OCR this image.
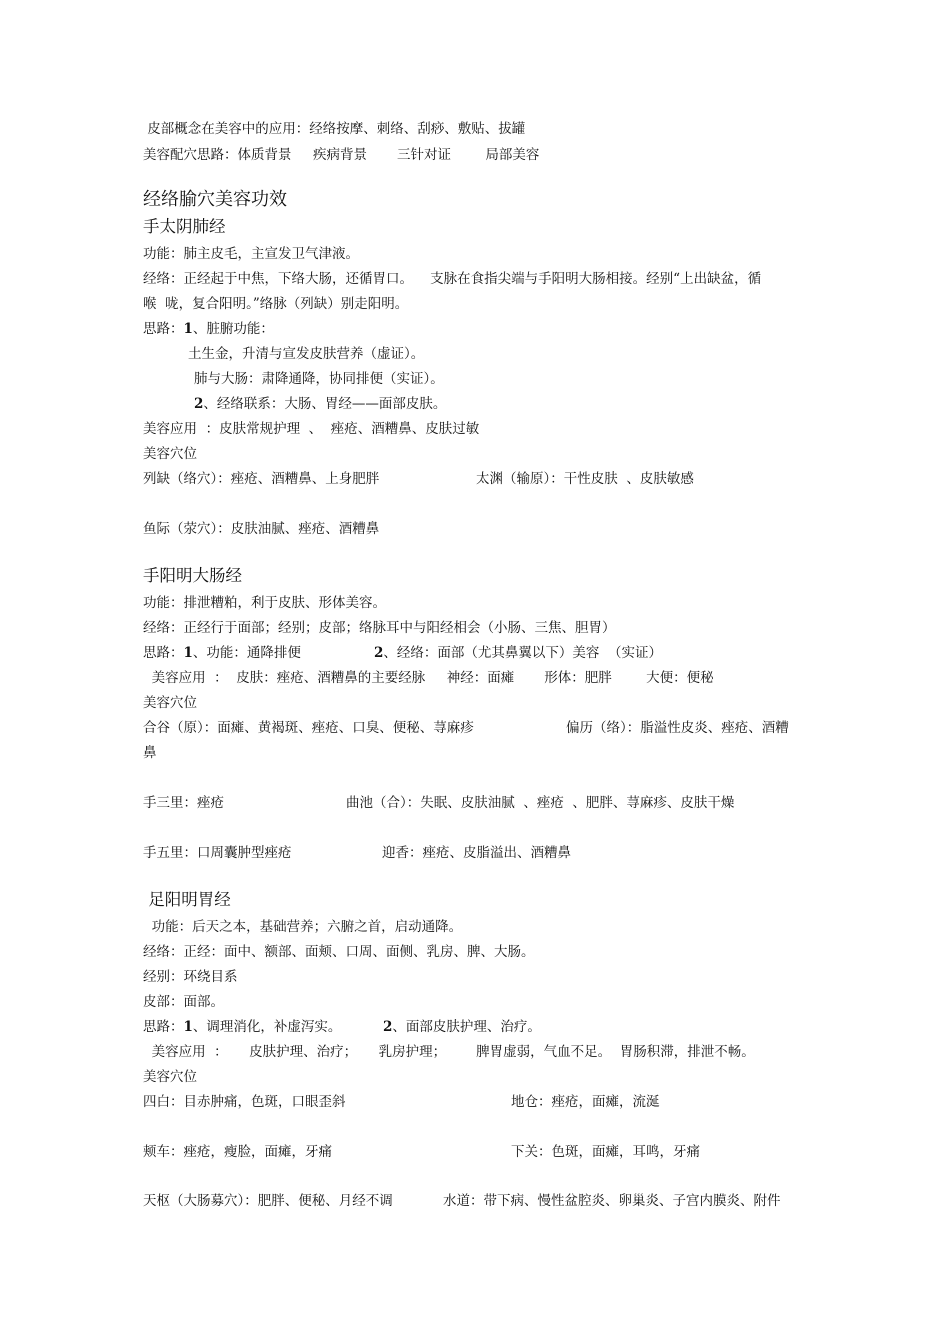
皮部概念在美容中的应用：经络按摩、刺络、刮痧、敷贴、拔罐
美容配穴思路：体质背景     疾病背景       三针对证        局部美容
经络腧穴美容功效
手太阴肺经
功能：肺主皮毛，主宣发卫气津液。
经络：正经起于中焦，下络大肠，还循胃口。    支脉在食指尖端与手阳明大肠相接。经别“上出缺盆，循
喉  咙，复合阳明。”络脉（列缺）别走阳明。
思路：1、脏腑功能：
土生金，升清与宣发皮肤营养（虚证）。
肺与大肠：肃降通降，协同排便（实证）。
2、经络联系：大肠、胃经——面部皮肤。
美容应用  ：皮肤常规护理  、  痤疮、酒糟鼻、皮肤过敏
美容穴位
列缺（络穴）：痤疮、酒糟鼻、上身肥胖	太渊（输原）：干性皮肤  、皮肤敏感
鱼际（荥穴）：皮肤油腻、痤疮、酒糟鼻
手阳明大肠经
功能：排泄糟粕，利于皮肤、形体美容。
经络：正经行于面部；经别；皮部；络脉耳中与阳经相会（小肠、三焦、胆胃）
思路：1、功能：通降排便	2、经络：面部（尤其鼻翼以下）美容  （实证）
美容应用  ：  皮肤：痤疮、酒糟鼻的主要经脉     神经：面瘫       形体：肥胖        大便：便秘
美容穴位
合谷（原）：面瘫、黄褐斑、痤疮、口臭、便秘、荨麻疹	偏历（络）：脂溢性皮炎、痤疮、酒糟
鼻
手三里：痤疮	曲池（合）：失眠、皮肤油腻  、痤疮  、肥胖、荨麻疹、皮肤干燥
手五里：口周囊肿型痤疮	迎香：痤疮、皮脂溢出、酒糟鼻
足阳明胃经
功能：后天之本，基础营养；六腑之首，启动通降。
经络：正经：面中、额部、面颊、口周、面侧、乳房、脾、大肠。
经别：环绕目系
皮部：面部。
思路：1、调理消化，补虚泻实。	2、面部皮肤护理、治疗。
美容应用  ：     皮肤护理、治疗；     乳房护理；       脾胃虚弱，气血不足。  胃肠积滞，排泄不畅。
美容穴位
四白：目赤肿痛，色斑，口眼歪斜	地仓：痤疮，面瘫，流涎
颊车：痤疮，瘦脸，面瘫，牙痛	下关：色斑，面瘫，耳鸣，牙痛
天枢（大肠募穴）：肥胖、便秘、月经不调	水道：带下病、慢性盆腔炎、卵巢炎、子宫内膜炎、附件
